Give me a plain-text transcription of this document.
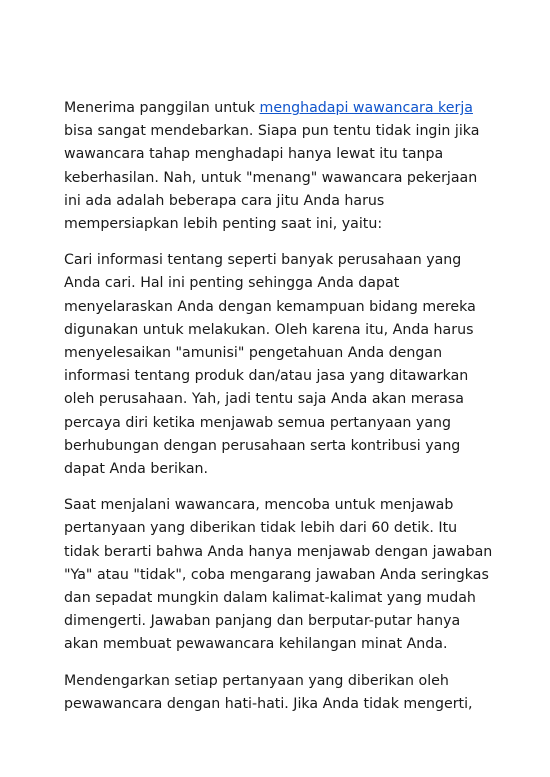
Menerima panggilan untuk menghadapi wawancara kerja bisa sangat mendebarkan. Siapa pun tentu tidak ingin jika wawancara tahap menghadapi hanya lewat itu tanpa keberhasilan. Nah, untuk "menang" wawancara pekerjaan ini ada adalah beberapa cara jitu Anda harus mempersiapkan lebih penting saat ini, yaitu:

Cari informasi tentang seperti banyak perusahaan yang Anda cari. Hal ini penting sehingga Anda dapat menyelaraskan Anda dengan kemampuan bidang mereka digunakan untuk melakukan. Oleh karena itu, Anda harus menyelesaikan "amunisi" pengetahuan Anda dengan informasi tentang produk dan/atau jasa yang ditawarkan oleh perusahaan. Yah, jadi tentu saja Anda akan merasa percaya diri ketika menjawab semua pertanyaan yang berhubungan dengan perusahaan serta kontribusi yang dapat Anda berikan.

Saat menjalani wawancara, mencoba untuk menjawab pertanyaan yang diberikan tidak lebih dari 60 detik. Itu tidak berarti bahwa Anda hanya menjawab dengan jawaban "Ya" atau "tidak", coba mengarang jawaban Anda seringkas dan sepadat mungkin dalam kalimat-kalimat yang mudah dimengerti. Jawaban panjang dan berputar-putar hanya akan membuat pewawancara kehilangan minat Anda.

Mendengarkan setiap pertanyaan yang diberikan oleh pewawancara dengan hati-hati. Jika Anda tidak mengerti,
